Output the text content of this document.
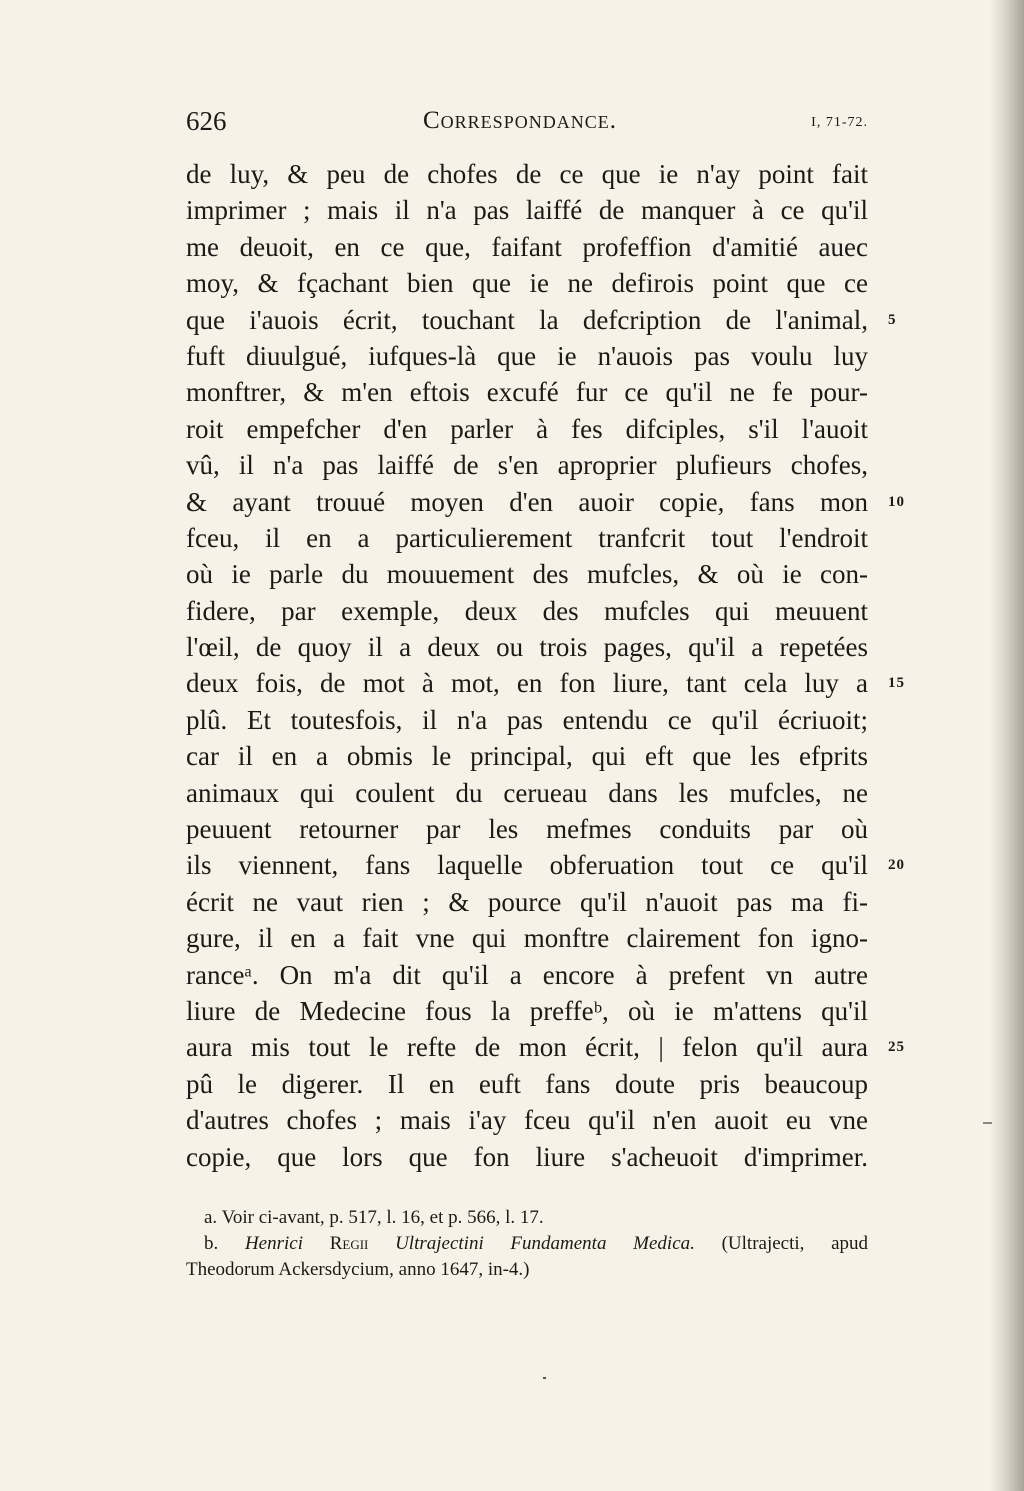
626	Correspondance.	I, 71-72.
de luy, & peu de chofes de ce que ie n'ay point fait
imprimer ; mais il n'a pas laiffé de manquer à ce qu'il
me deuoit, en ce que, faifant profeffion d'amitié auec
moy, & fçachant bien que ie ne defirois point que ce
que i'auois écrit, touchant la defcription de l'animal, 5
fuft diuulgué, iufques-là que ie n'auois pas voulu luy
monftrer, & m'en eftois excufé fur ce qu'il ne fe pour-
roit empefcher d'en parler à fes difciples, s'il l'auoit
vû, il n'a pas laiffé de s'en aproprier plufieurs chofes,
& ayant trouué moyen d'en auoir copie, fans mon 10
fceu, il en a particulierement tranfcrit tout l'endroit
où ie parle du mouuement des mufcles, & où ie con-
fidere, par exemple, deux des mufcles qui meuuent
l'œil, de quoy il a deux ou trois pages, qu'il a repetées
deux fois, de mot à mot, en fon liure, tant cela luy a 15
plû. Et toutesfois, il n'a pas entendu ce qu'il écriuoit;
car il en a obmis le principal, qui eft que les efprits
animaux qui coulent du cerueau dans les mufcles, ne
peuuent retourner par les mefmes conduits par où
ils viennent, fans laquelle obferuation tout ce qu'il 20
écrit ne vaut rien ; & pource qu'il n'auoit pas ma fi-
gure, il en a fait vne qui monftre clairement fon igno-
ranceᵃ. On m'a dit qu'il a encore à prefent vn autre
liure de Medecine fous la preffeᵇ, où ie m'attens qu'il
aura mis tout le refte de mon écrit, | felon qu'il aura 25
pû le digerer. Il en euft fans doute pris beaucoup
d'autres chofes ; mais i'ay fceu qu'il n'en auoit eu vne
copie, que lors que fon liure s'acheuoit d'imprimer.
a. Voir ci-avant, p. 517, l. 16, et p. 566, l. 17.
b. Henrici Regii Ultrajectini Fundamenta Medica. (Ultrajecti, apud
Theodorum Ackersdycium, anno 1647, in-4.)
